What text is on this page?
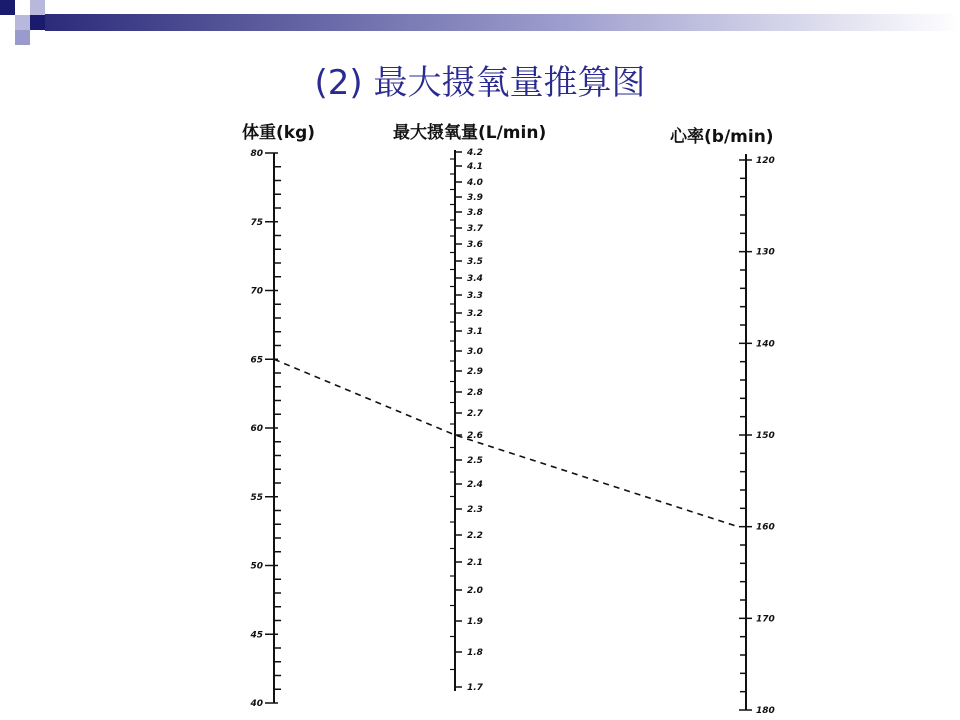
(2) 最大摄氧量推算图
体重(kg)	最大摄氧量(L/min)	心率(b/min)
80
75
70
65
60
55
50
45
40
4.2
4.1
4.0
3.9
3.8
3.7
3.6
3.5
3.4
3.3
3.2
3.1
3.0
2.9
2.8
2.7
2.6
2.5
2.4
2.3
2.2
2.1
2.0
1.9
1.8
1.7
120
130
140
150
160
170
180
